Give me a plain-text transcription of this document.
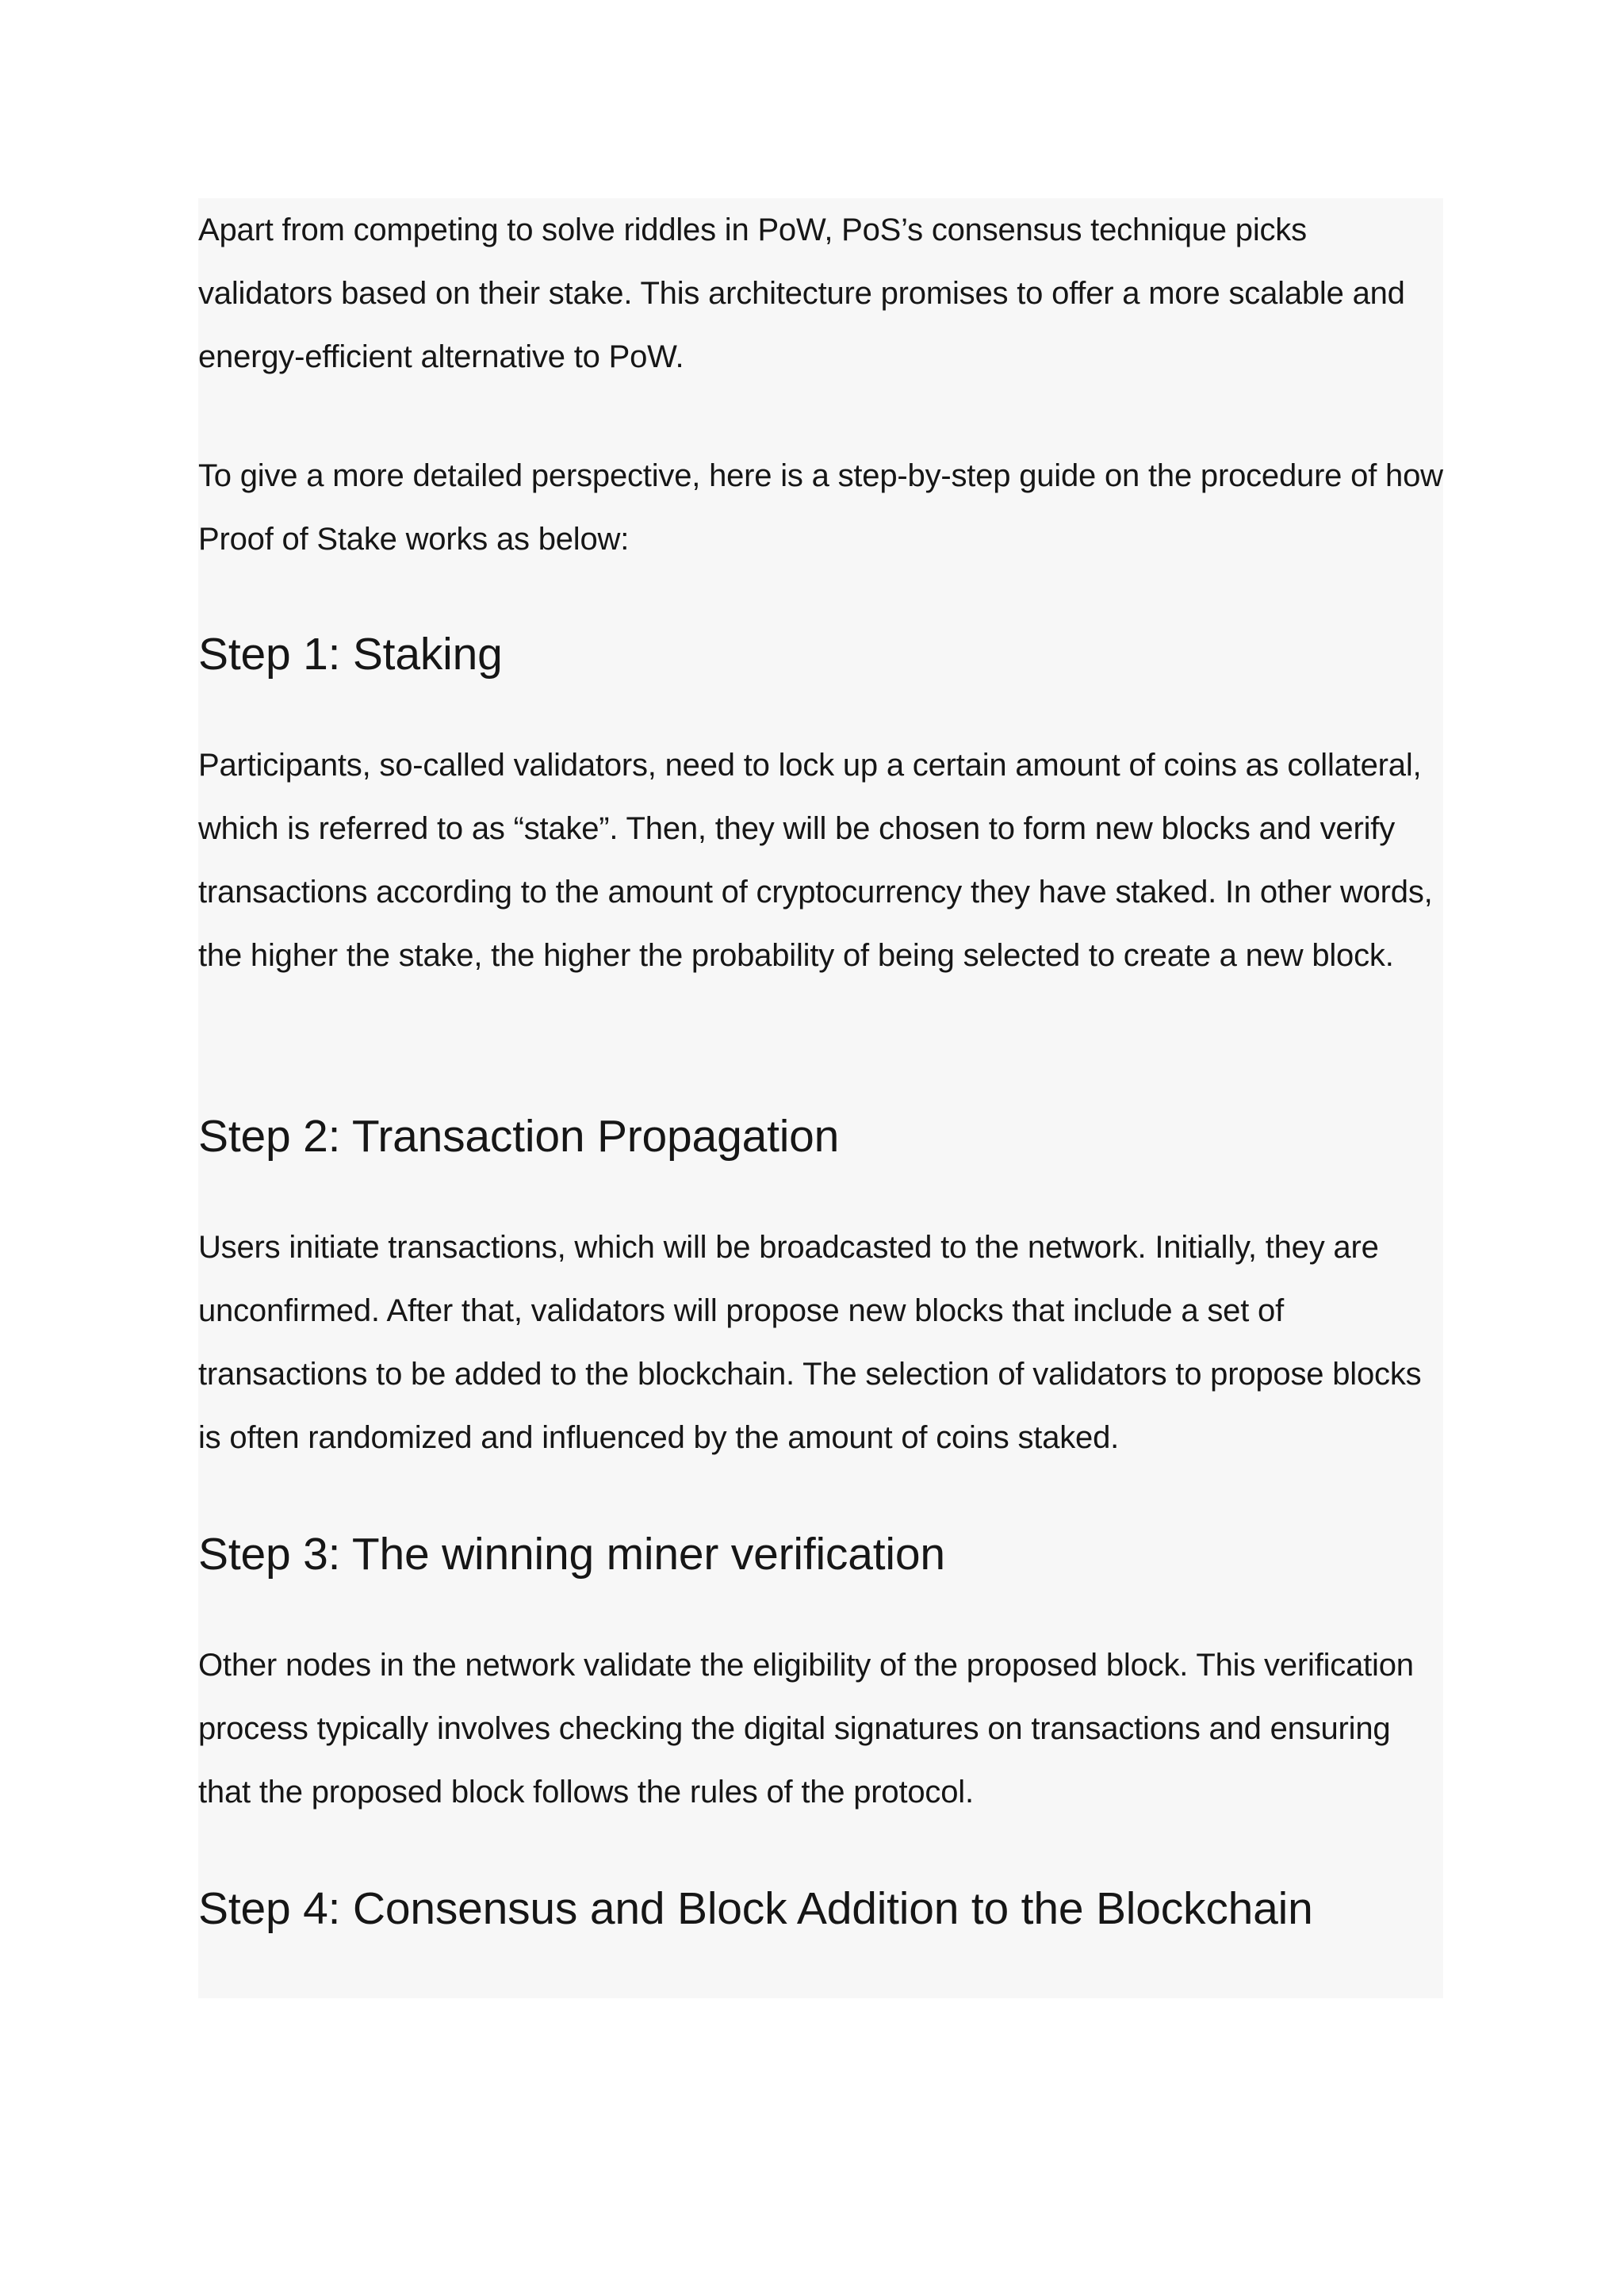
Apart from competing to solve riddles in PoW, PoS’s consensus technique picks validators based on their stake. This architecture promises to offer a more scalable and energy-efficient alternative to PoW.

To give a more detailed perspective, here is a step-by-step guide on the procedure of how Proof of Stake works as below:

Step 1: Staking

Participants, so-called validators, need to lock up a certain amount of coins as collateral, which is referred to as “stake”. Then, they will be chosen to form new blocks and verify transactions according to the amount of cryptocurrency they have staked. In other words, the higher the stake, the higher the probability of being selected to create a new block.

Step 2: Transaction Propagation

Users initiate transactions, which will be broadcasted to the network. Initially, they are unconfirmed. After that, validators will propose new blocks that include a set of transactions to be added to the blockchain. The selection of validators to propose blocks is often randomized and influenced by the amount of coins staked.

Step 3: The winning miner verification

Other nodes in the network validate the eligibility of the proposed block. This verification process typically involves checking the digital signatures on transactions and ensuring that the proposed block follows the rules of the protocol.

Step 4: Consensus and Block Addition to the Blockchain
